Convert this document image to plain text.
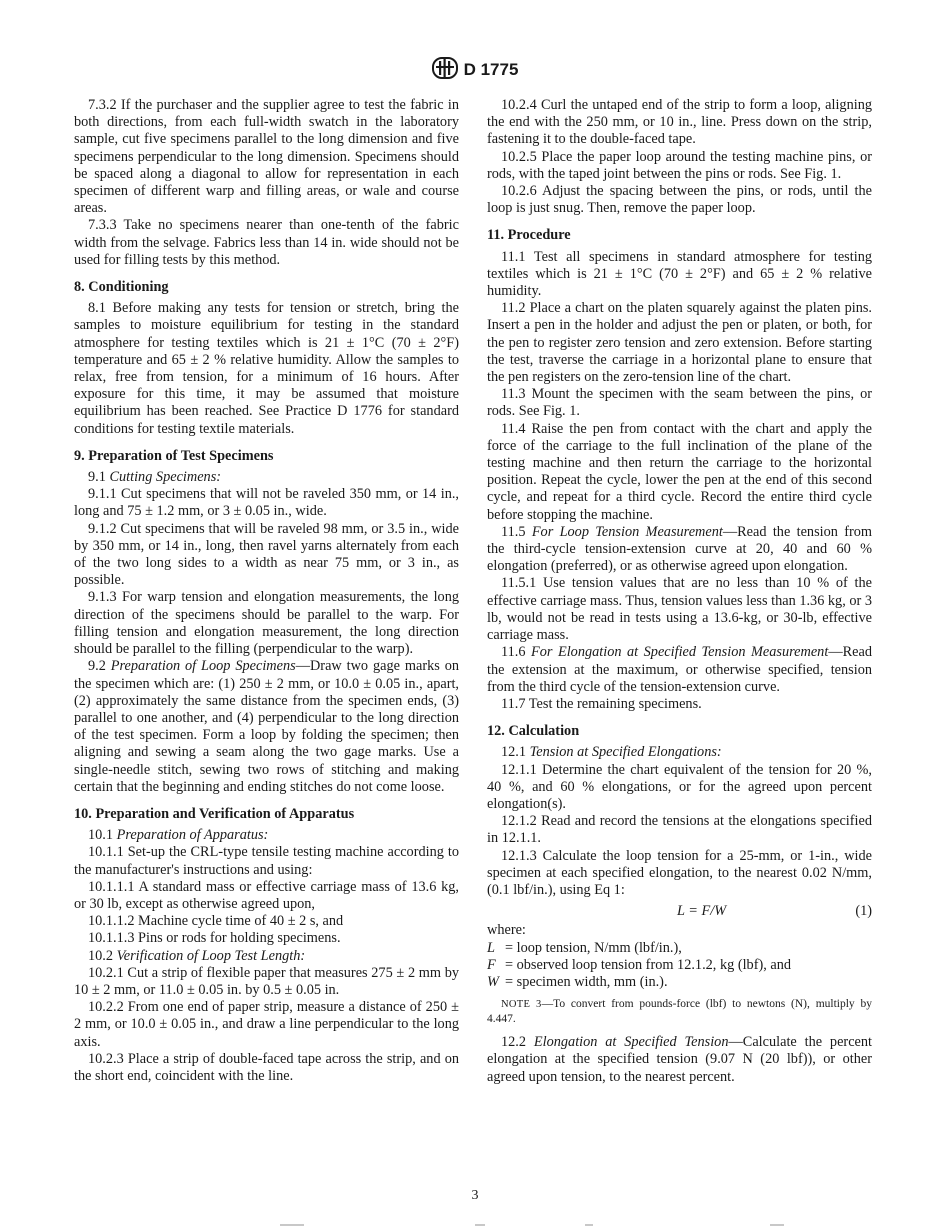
D 1775

7.3.2 If the purchaser and the supplier agree to test the fabric in both directions, from each full-width swatch in the laboratory sample, cut five specimens parallel to the long dimension and five specimens perpendicular to the long dimension. Specimens should be spaced along a diagonal to allow for representation in each specimen of different warp and filling areas, or wale and course areas.

7.3.3 Take no specimens nearer than one-tenth of the fabric width from the selvage. Fabrics less than 14 in. wide should not be used for filling tests by this method.

8. Conditioning

8.1 Before making any tests for tension or stretch, bring the samples to moisture equilibrium for testing in the standard atmosphere for testing textiles which is 21 ± 1°C (70 ± 2°F) temperature and 65 ± 2 % relative humidity. Allow the samples to relax, free from tension, for a minimum of 16 hours. After exposure for this time, it may be assumed that moisture equilibrium has been reached. See Practice D 1776 for standard conditions for testing textile materials.

9. Preparation of Test Specimens

9.1 Cutting Specimens:

9.1.1 Cut specimens that will not be raveled 350 mm, or 14 in., long and 75 ± 1.2 mm, or 3 ± 0.05 in., wide.

9.1.2 Cut specimens that will be raveled 98 mm, or 3.5 in., wide by 350 mm, or 14 in., long, then ravel yarns alternately from each of the two long sides to a width as near 75 mm, or 3 in., as possible.

9.1.3 For warp tension and elongation measurements, the long direction of the specimens should be parallel to the warp. For filling tension and elongation measurement, the long direction should be parallel to the filling (perpendicular to the warp).

9.2 Preparation of Loop Specimens—Draw two gage marks on the specimen which are: (1) 250 ± 2 mm, or 10.0 ± 0.05 in., apart, (2) approximately the same distance from the specimen ends, (3) parallel to one another, and (4) perpendicular to the long direction of the test specimen. Form a loop by folding the specimen; then aligning and sewing a seam along the two gage marks. Use a single-needle stitch, sewing two rows of stitching and making certain that the beginning and ending stitches do not come loose.

10. Preparation and Verification of Apparatus

10.1 Preparation of Apparatus:

10.1.1 Set-up the CRL-type tensile testing machine according to the manufacturer's instructions and using:

10.1.1.1 A standard mass or effective carriage mass of 13.6 kg, or 30 lb, except as otherwise agreed upon,

10.1.1.2 Machine cycle time of 40 ± 2 s, and

10.1.1.3 Pins or rods for holding specimens.

10.2 Verification of Loop Test Length:

10.2.1 Cut a strip of flexible paper that measures 275 ± 2 mm by 10 ± 2 mm, or 11.0 ± 0.05 in. by 0.5 ± 0.05 in.

10.2.2 From one end of paper strip, measure a distance of 250 ± 2 mm, or 10.0 ± 0.05 in., and draw a line perpendicular to the long axis.

10.2.3 Place a strip of double-faced tape across the strip, and on the short end, coincident with the line.

10.2.4 Curl the untaped end of the strip to form a loop, aligning the end with the 250 mm, or 10 in., line. Press down on the strip, fastening it to the double-faced tape.

10.2.5 Place the paper loop around the testing machine pins, or rods, with the taped joint between the pins or rods. See Fig. 1.

10.2.6 Adjust the spacing between the pins, or rods, until the loop is just snug. Then, remove the paper loop.

11. Procedure

11.1 Test all specimens in standard atmosphere for testing textiles which is 21 ± 1°C (70 ± 2°F) and 65 ± 2 % relative humidity.

11.2 Place a chart on the platen squarely against the platen pins. Insert a pen in the holder and adjust the pen or platen, or both, for the pen to register zero tension and zero extension. Before starting the test, traverse the carriage in a horizontal plane to ensure that the pen registers on the zero-tension line of the chart.

11.3 Mount the specimen with the seam between the pins, or rods. See Fig. 1.

11.4 Raise the pen from contact with the chart and apply the force of the carriage to the full inclination of the plane of the testing machine and then return the carriage to the horizontal position. Repeat the cycle, lower the pen at the end of this second cycle, and repeat for a third cycle. Record the entire third cycle before stopping the machine.

11.5 For Loop Tension Measurement—Read the tension from the third-cycle tension-extension curve at 20, 40 and 60 % elongation (preferred), or as otherwise agreed upon elongation.

11.5.1 Use tension values that are no less than 10 % of the effective carriage mass. Thus, tension values less than 1.36 kg, or 3 lb, would not be read in tests using a 13.6-kg, or 30-lb, effective carriage mass.

11.6 For Elongation at Specified Tension Measurement—Read the extension at the maximum, or otherwise specified, tension from the third cycle of the tension-extension curve.

11.7 Test the remaining specimens.

12. Calculation

12.1 Tension at Specified Elongations:

12.1.1 Determine the chart equivalent of the tension for 20 %, 40 %, and 60 % elongations, or for the agreed upon percent elongation(s).

12.1.2 Read and record the tensions at the elongations specified in 12.1.1.

12.1.3 Calculate the loop tension for a 25-mm, or 1-in., wide specimen at each specified elongation, to the nearest 0.02 N/mm, (0.1 lbf/in.), using Eq 1:

L = F/W	(1)

where:

L = loop tension, N/mm (lbf/in.),
F = observed loop tension from 12.1.2, kg (lbf), and
W = specimen width, mm (in.).

NOTE 3—To convert from pounds-force (lbf) to newtons (N), multiply by 4.447.

12.2 Elongation at Specified Tension—Calculate the percent elongation at the specified tension (9.07 N (20 lbf)), or other agreed upon tension, to the nearest percent.

3
